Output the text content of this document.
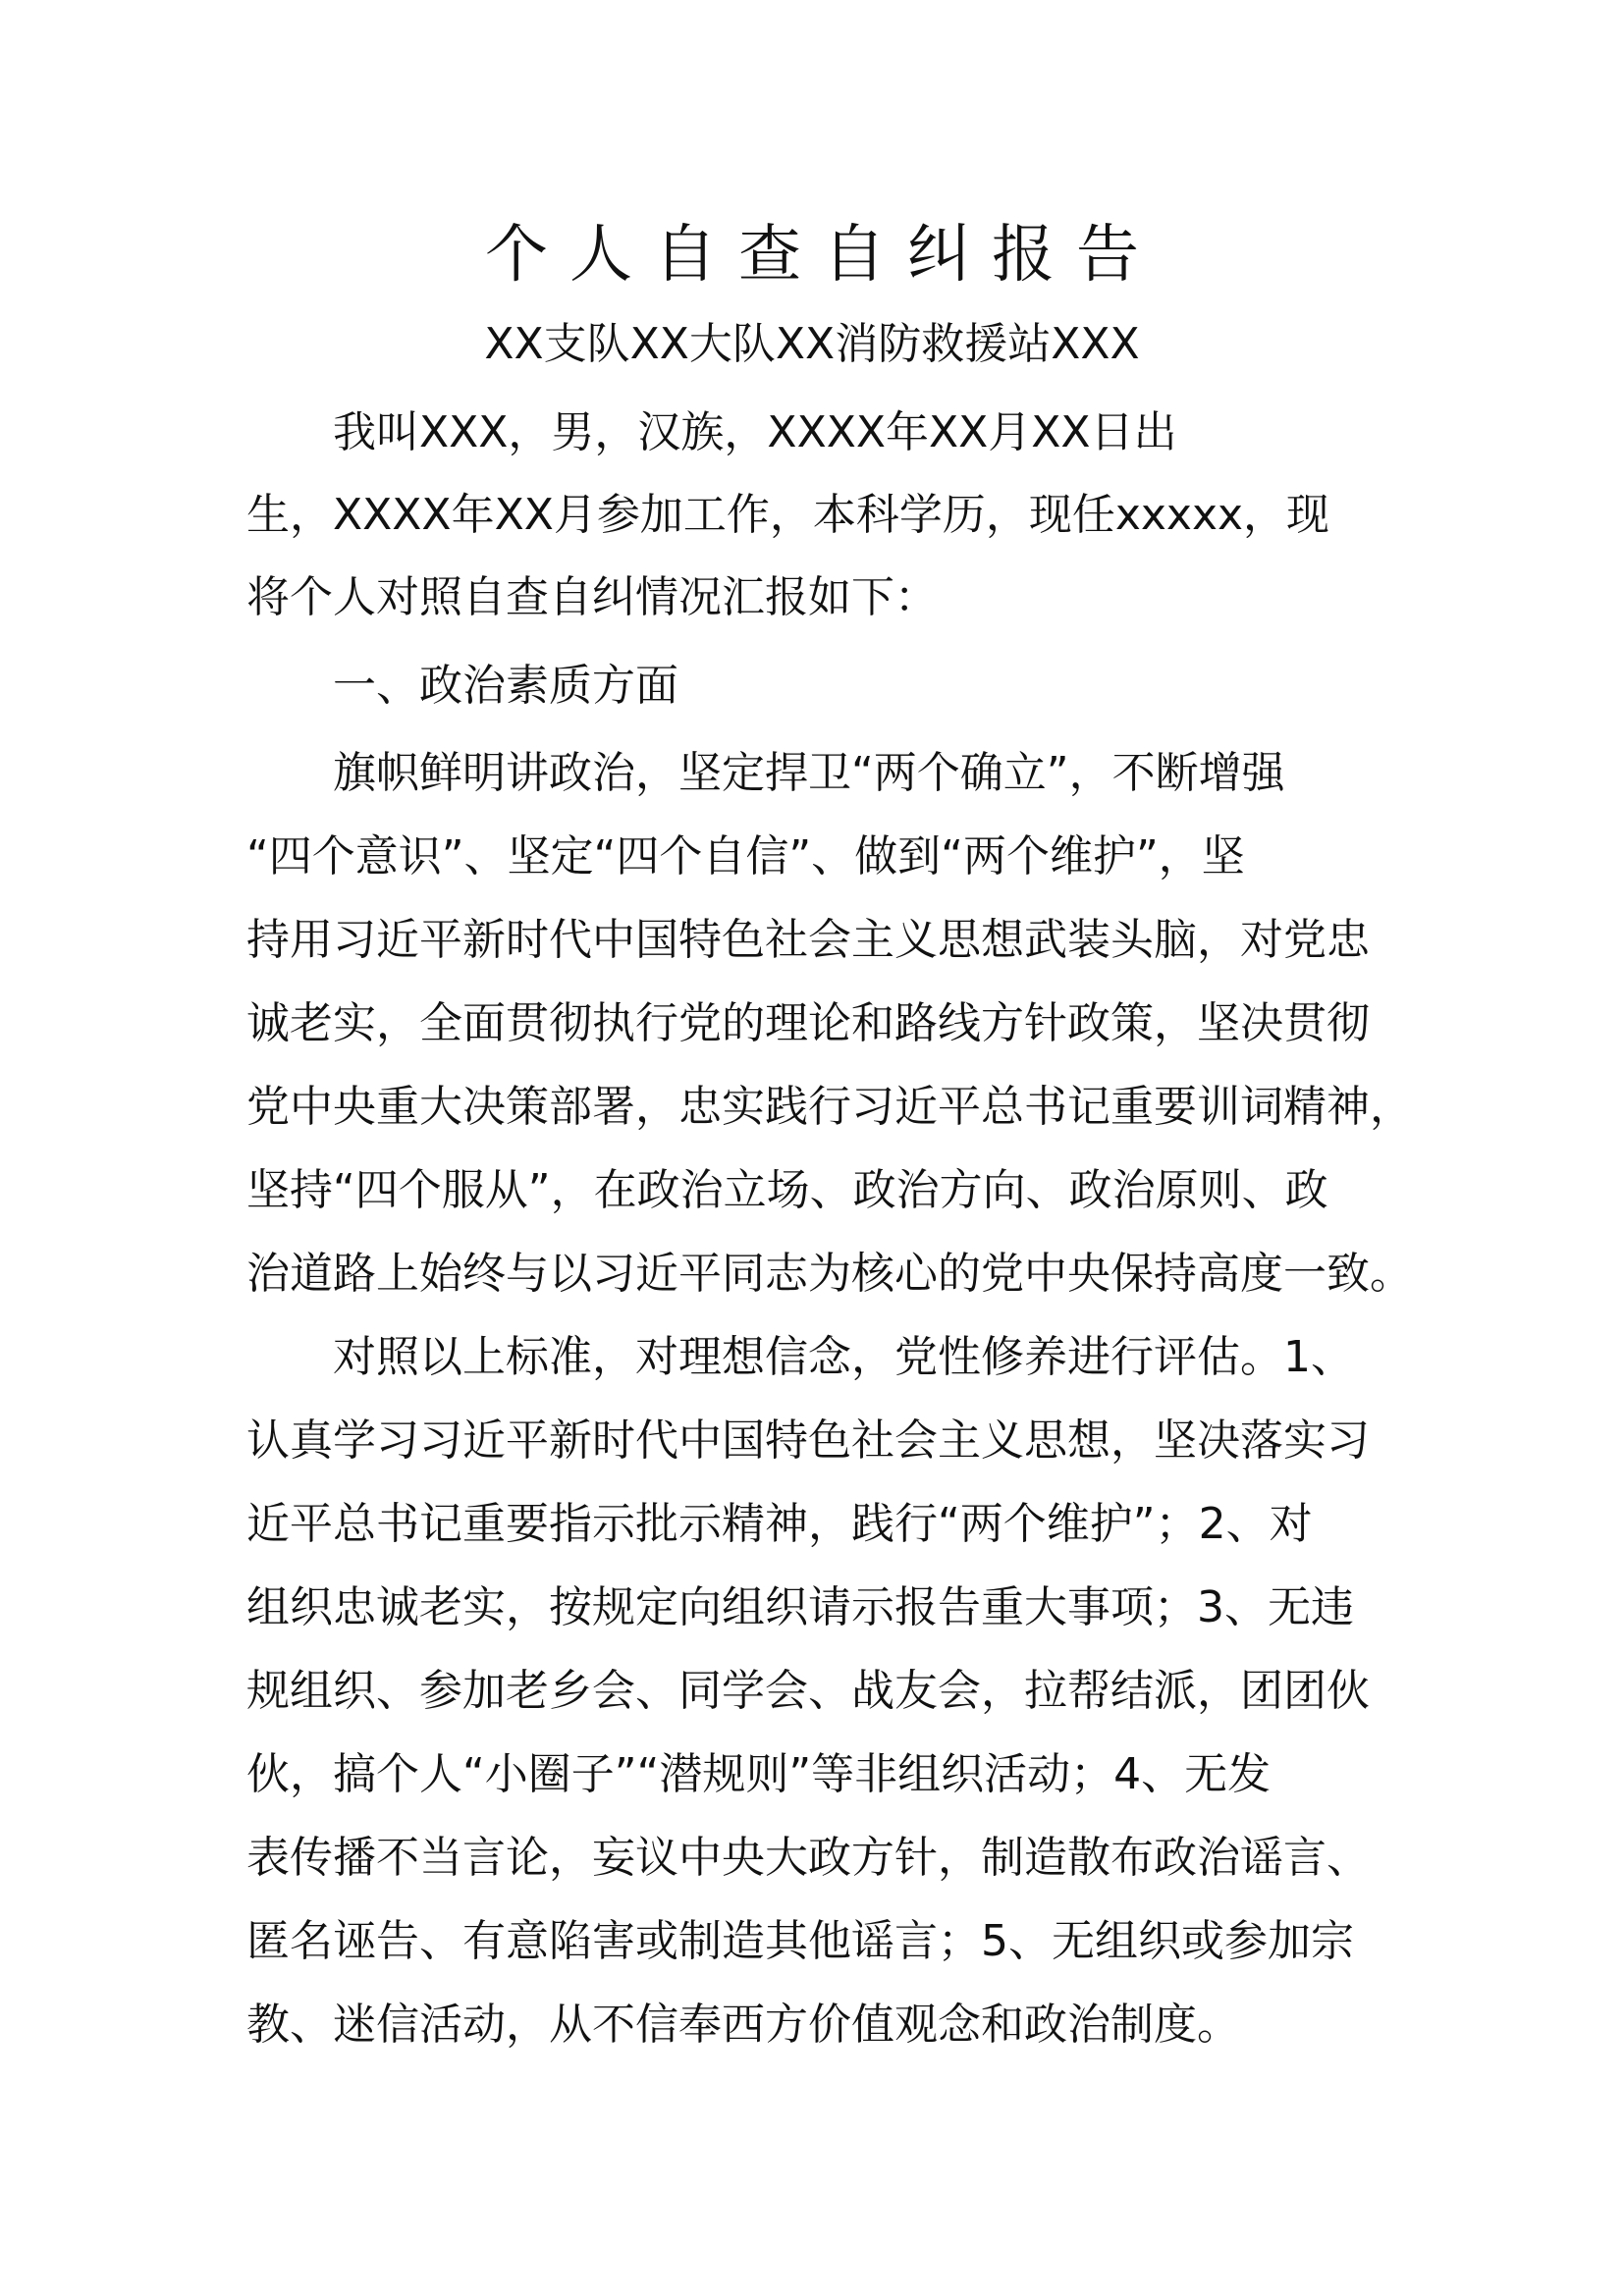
个人自查自纠报告
XX支队XX大队XX消防救援站XXX
我叫XXX，男，汉族，XXXX年XX月XX日出
生，XXXX年XX月参加工作，本科学历，现任xxxxx，现
将个人对照自查自纠情况汇报如下：
一、政治素质方面
旗帜鲜明讲政治，坚定捍卫“两个确立”，不断增强
“四个意识”、坚定“四个自信”、做到“两个维护”，坚
持用习近平新时代中国特色社会主义思想武装头脑，对党忠
诚老实，全面贯彻执行党的理论和路线方针政策，坚决贯彻
党中央重大决策部署，忠实践行习近平总书记重要训词精神，
坚持“四个服从”，在政治立场、政治方向、政治原则、政
治道路上始终与以习近平同志为核心的党中央保持高度一致。
对照以上标准，对理想信念，党性修养进行评估。1、
认真学习习近平新时代中国特色社会主义思想，坚决落实习
近平总书记重要指示批示精神，践行“两个维护”；2、对
组织忠诚老实，按规定向组织请示报告重大事项；3、无违
规组织、参加老乡会、同学会、战友会，拉帮结派，团团伙
伙，搞个人“小圈子”“潜规则”等非组织活动；4、无发
表传播不当言论，妄议中央大政方针，制造散布政治谣言、
匿名诬告、有意陷害或制造其他谣言；5、无组织或参加宗
教、迷信活动，从不信奉西方价值观念和政治制度。
